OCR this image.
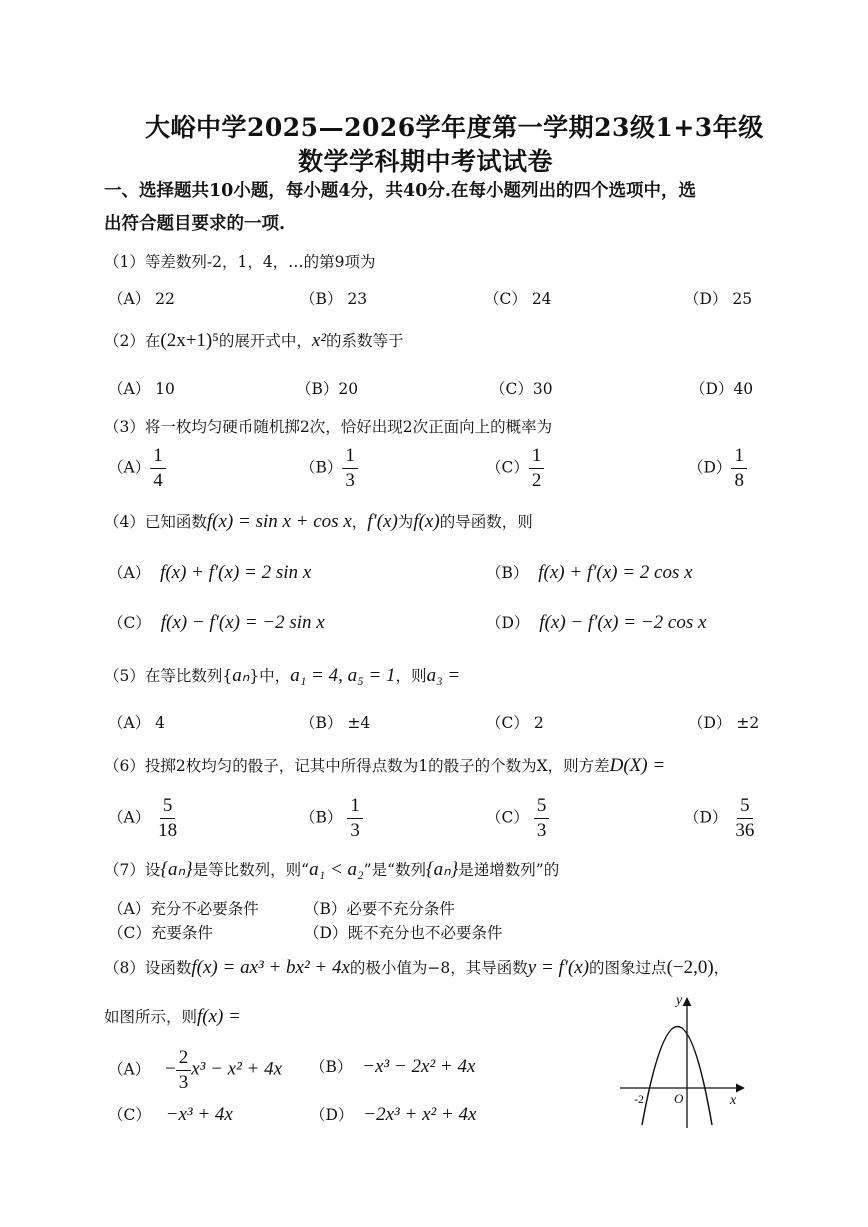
大峪中学2025—2026学年度第一学期23级1+3年级
数学学科期中考试试卷
一、选择题共10小题，每小题4分，共40分.在每小题列出的四个选项中，选
出符合题目要求的一项.
（1）等差数列-2，1，4，…的第9项为
（A） 22	（B） 23	（C） 24	（D） 25
（2）在(2x+1)⁵的展开式中，x²的系数等于
（A） 10	（B）20	（C）30	（D）40
（3）将一枚均匀硬币随机掷2次，恰好出现2次正面向上的概率为
$(A) \frac{1}{4}$	$(B) \frac{1}{3}$	$(C) \frac{1}{2}$	$(D) \frac{1}{8}$
（4）已知函数f(x) = sin x + cos x，f′(x)为f(x)的导函数，则
（A） f(x) + f′(x) = 2 sin x	（B） f(x) + f′(x) = 2 cos x
（C） f(x) − f′(x) = −2 sin x	（D） f(x) − f′(x) = −2 cos x
（5）在等比数列{aₙ}中，a₁ = 4, a₅ = 1，则a₃ =
（A） 4	（B） ±4	（C） 2	（D） ±2
（6）投掷2枚均匀的骰子，记其中所得点数为1的骰子的个数为X，则方差D(X) =
$(A) \frac{5}{18}$	$(B) \frac{1}{3}$	$(C) \frac{5}{3}$	$(D) \frac{5}{36}$
（7）设{aₙ}是等比数列，则“a₁ < a₂”是“数列{aₙ}是递增数列”的
（A）充分不必要条件	（B）必要不充分条件
（C）充要条件	（D）既不充分也不必要条件
（8）设函数f(x) = ax³ + bx² + 4x的极小值为−8，其导函数y = f′(x)的图象过点(−2,0)，
如图所示，则f(x) =
$(A) - \frac{2}{3} x^3 - x^2 + 4x$ （B） −x³ − 2x² + 4x
（C） −x³ + 4x	（D） −2x³ + x² + 4x
y
x
O
-2
